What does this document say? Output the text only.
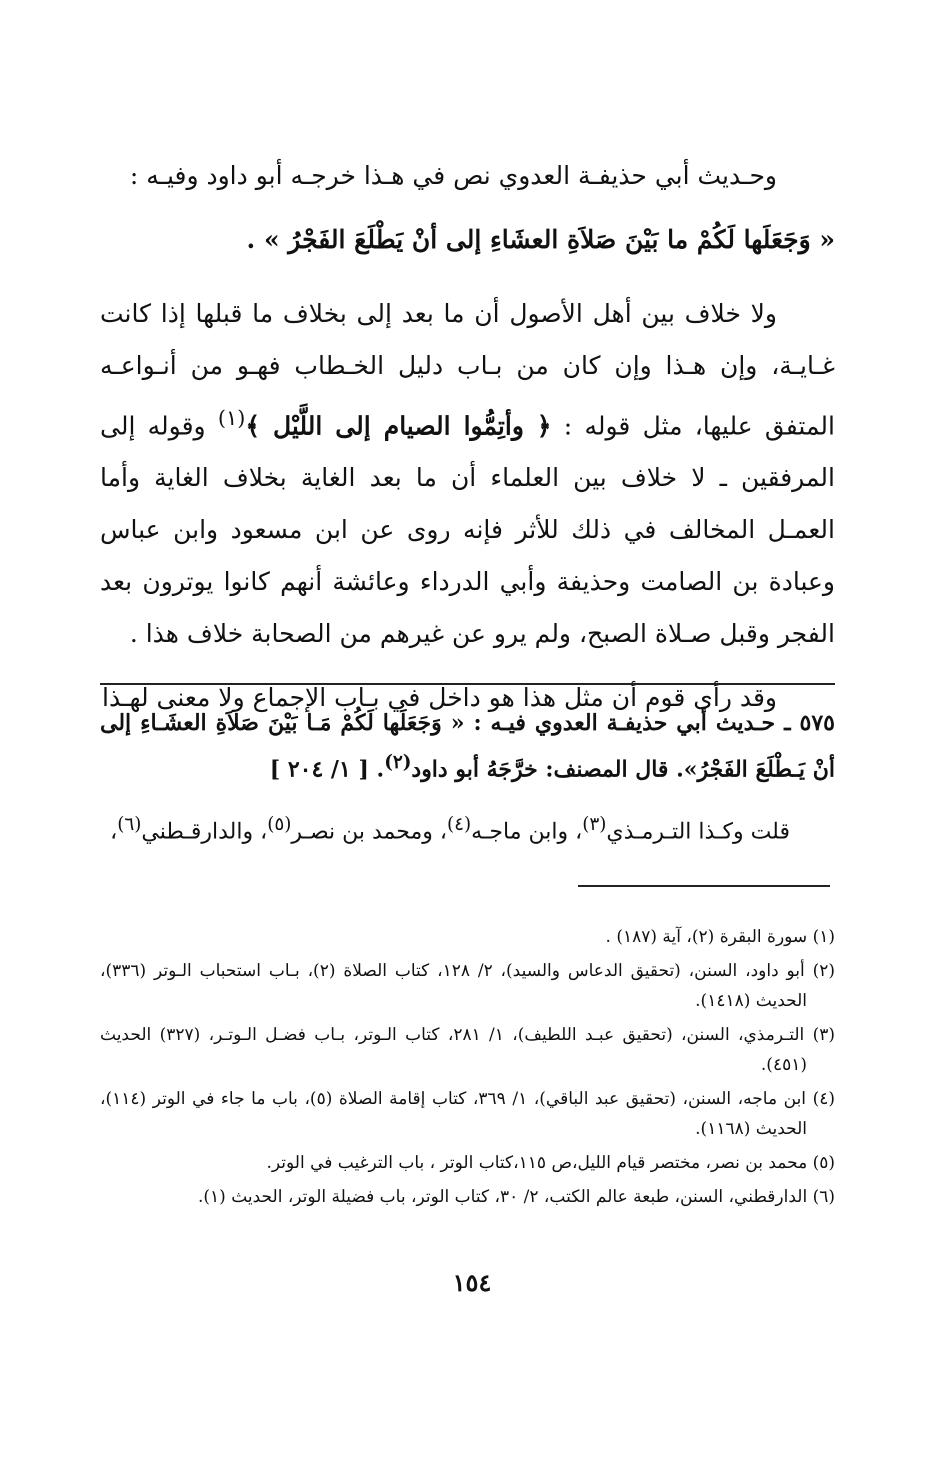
وحـديث أبي حذيفـة العدوي نص في هـذا خرجـه أبو داود وفيـه :

« وَجَعَلَها لَكُمْ ما بَيْنَ صَلاَةِ العشَاءِ إلى أنْ يَطْلَعَ الفَجْرُ » .

ولا خلاف بين أهل الأصول أن ما بعد إلى بخلاف ما قبلها إذا كانت غـايـة، وإن هـذا وإن كان من بـاب دليل الخـطاب فهـو من أنـواعـه المتفق عليها، مثل قوله : ﴿ وأتِمُّوا الصيام إلى اللَّيْل ﴾$^{(١)}$ وقوله إلى المرفقين ـ لا خلاف بين العلماء أن ما بعد الغاية بخلاف الغاية وأما العمـل المخالف في ذلك للأثر فإنه روى عن ابن مسعود وابن عباس وعبادة بن الصامت وحذيفة وأبي الدرداء وعائشة أنهم كانوا يوترون بعد الفجر وقبل صـلاة الصبح، ولم يرو عن غيرهم من الصحابة خلاف هذا .

وقد رأى قوم أن مثل هذا هو داخل في بـاب الإجماع ولا معنى لهـذا

٥٧٥ ـ حـديث أبي حذيفـة العدوي فيـه : « وَجَعَلَها لَكُمْ مَـا بَيْنَ صَلاَةِ العشَـاءِ إلى أنْ يَـطْلَعَ الفَجْرُ». قال المصنف: خرَّجَهُ أبو داود$^{(٢)}$. [ ١/ ٢٠٤ ]

قلت وكـذا التـرمـذي$^{(٣)}$، وابن ماجـه$^{(٤)}$، ومحمد بن نصـر$^{(٥)}$، والدارقـطني$^{(٦)}$،

(١) سورة البقرة (٢)، آية (١٨٧) .

(٢) أبو داود، السنن، (تحقيق الدعاس والسيد)، ٢/ ١٢٨، كتاب الصلاة (٢)، بـاب استحباب الـوتر (٣٣٦)، الحديث (١٤١٨).

(٣) التـرمذي، السنن، (تحقيق عبـد اللطيف)، ١/ ٢٨١، كتاب الـوتر، بـاب فضـل الـوتـر، (٣٢٧) الحديث (٤٥١).

(٤) ابن ماجه، السنن، (تحقيق عبد الباقي)، ١/ ٣٦٩، كتاب إقامة الصلاة (٥)، باب ما جاء في الوتر (١١٤)، الحديث (١١٦٨).

(٥) محمد بن نصر، مختصر قيام الليل،ص ١١٥،كتاب الوتر ، باب الترغيب في الوتر.

(٦) الدارقطني، السنن، طبعة عالم الكتب، ٢/ ٣٠، كتاب الوتر، باب فضيلة الوتر، الحديث (١).

١٥٤
